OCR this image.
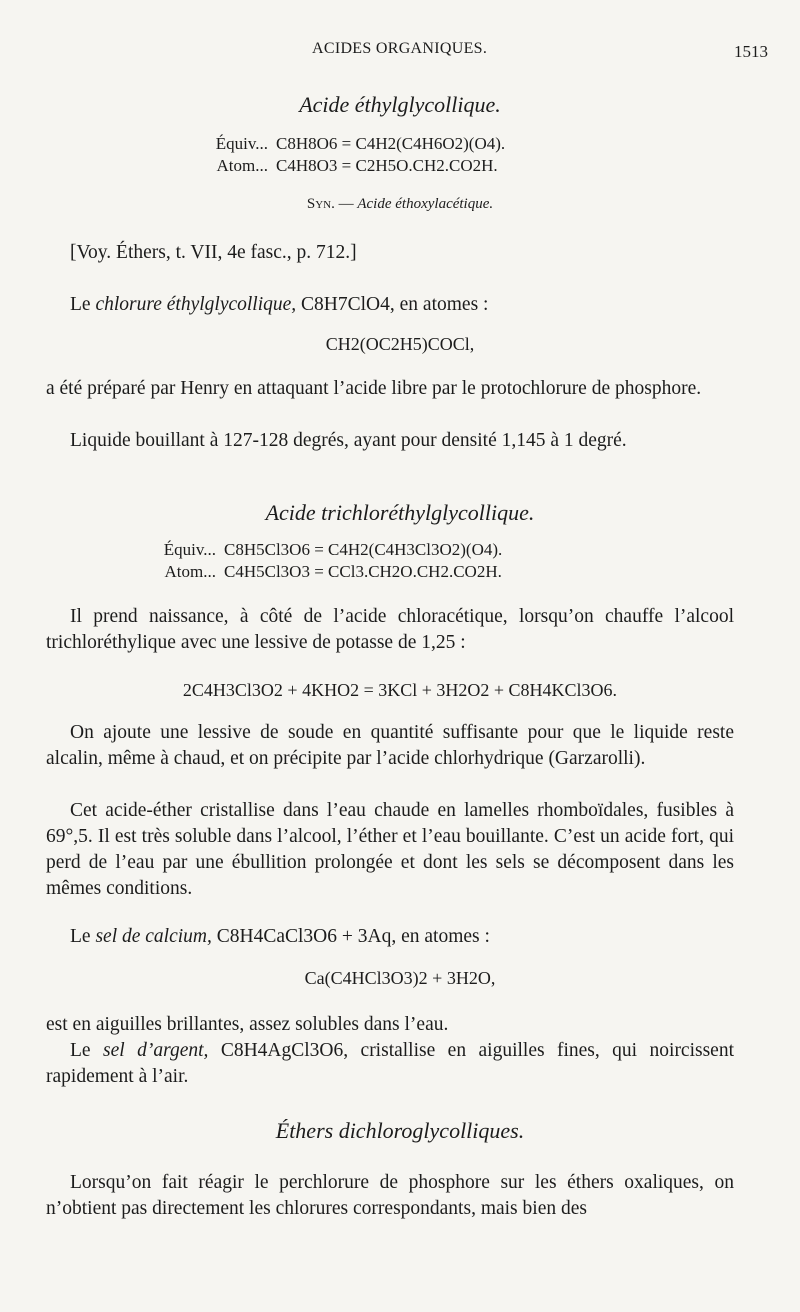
ACIDES ORGANIQUES.	1513
Acide éthylglycollique.
Équiv... C8H8O6 = C4H2(C4H6O2)(O4).
Atom... C4H8O3 = C2H5O.CH2.CO2H.
Syn. — Acide éthoxylacétique.
[Voy. Éthers, t. VII, 4e fasc., p. 712.]
Le chlorure éthylglycollique, C8H7ClO4, en atomes :
CH2(OC2H5)COCl,
a été préparé par Henry en attaquant l’acide libre par le protochlorure de phosphore.
Liquide bouillant à 127-128 degrés, ayant pour densité 1,145 à 1 degré.
Acide trichloréthylglycollique.
Équiv... C8H5Cl3O6 = C4H2(C4H3Cl3O2)(O4).
Atom... C4H5Cl3O3 = CCl3.CH2O.CH2.CO2H.
Il prend naissance, à côté de l’acide chloracétique, lorsqu’on chauffe l’alcool trichloréthylique avec une lessive de potasse de 1,25 :
2C4H3Cl3O2 + 4KHO2 = 3KCl + 3H2O2 + C8H4KCl3O6.
On ajoute une lessive de soude en quantité suffisante pour que le liquide reste alcalin, même à chaud, et on précipite par l’acide chlorhydrique (Garzarolli).
Cet acide-éther cristallise dans l’eau chaude en lamelles rhomboïdales, fusibles à 69°,5. Il est très soluble dans l’alcool, l’éther et l’eau bouillante. C’est un acide fort, qui perd de l’eau par une ébullition prolongée et dont les sels se décomposent dans les mêmes conditions.
Le sel de calcium, C8H4CaCl3O6 + 3Aq, en atomes :
Ca(C4HCl3O3)2 + 3H2O,
est en aiguilles brillantes, assez solubles dans l’eau.
Le sel d’argent, C8H4AgCl3O6, cristallise en aiguilles fines, qui noircissent rapidement à l’air.
Éthers dichloroglycolliques.
Lorsqu’on fait réagir le perchlorure de phosphore sur les éthers oxaliques, on n’obtient pas directement les chlorures correspondants, mais bien des
